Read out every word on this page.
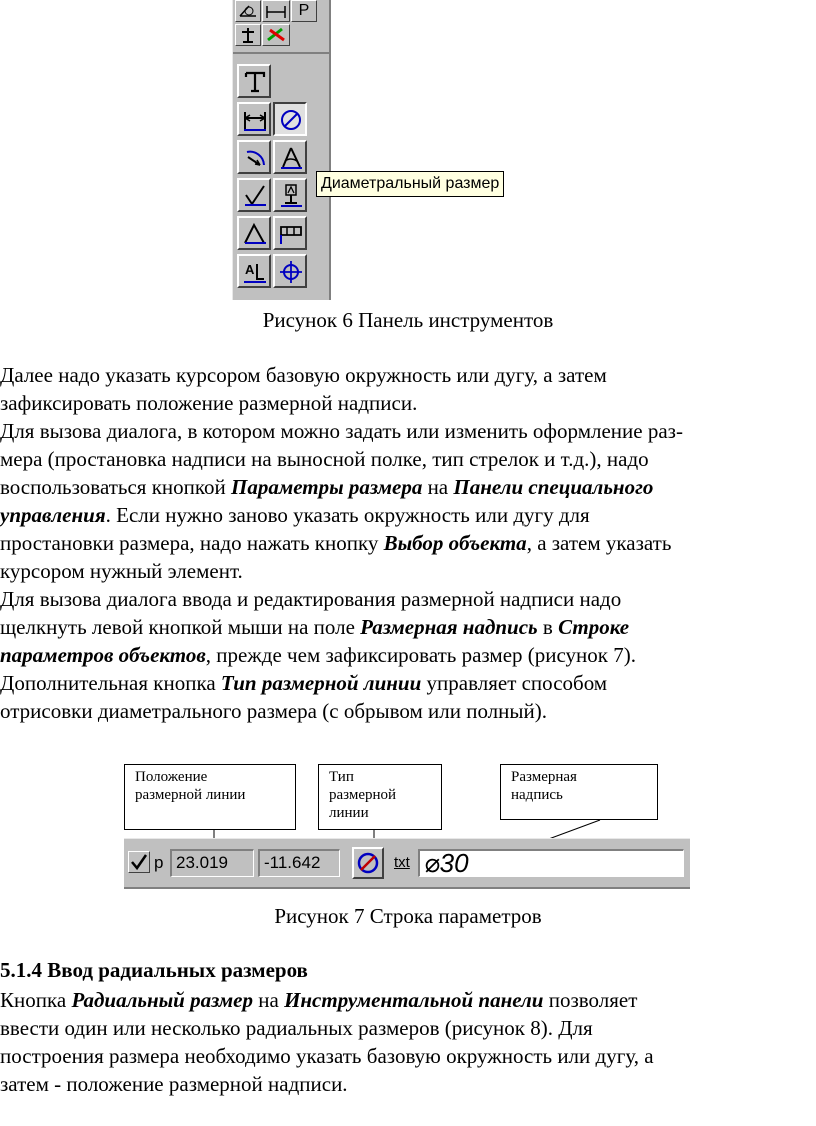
P
A
Диаметральный размер
Рисунок 6 Панель инструментов

Далее надо указать курсором базовую окружность или дугу, а затем

зафиксировать положение размерной надписи.

Для вызова диалога, в котором можно задать или изменить оформление раз-

мера (простановка надписи на выносной полке, тип стрелок и т.д.), надо

воспользоваться кнопкой Параметры размера на Панели специального

управления. Если нужно заново указать окружность или дугу для

простановки размера, надо нажать кнопку Выбор объекта, а затем указать

курсором нужный элемент.

Для вызова диалога ввода и редактирования размерной надписи надо

щелкнуть левой кнопкой мыши на поле Размерная надпись в Строке

параметров объектов, прежде чем зафиксировать размер (рисунок 7).

Дополнительная кнопка Тип размерной линии управляет способом

отрисовки диаметрального размера (с обрывом или полный).

Положение
размерной линии
Тип
размерной
линии
Размерная
надпись
p 23.019	-11.642	txt ⌀30
Рисунок 7 Строка параметров
5.1.4 Ввод радиальных размеров

Кнопка Радиальный размер на Инструментальной панели позволяет

ввести один или несколько радиальных размеров (рисунок 8). Для

построения размера необходимо указать базовую окружность или дугу, а

затем - положение размерной надписи.
